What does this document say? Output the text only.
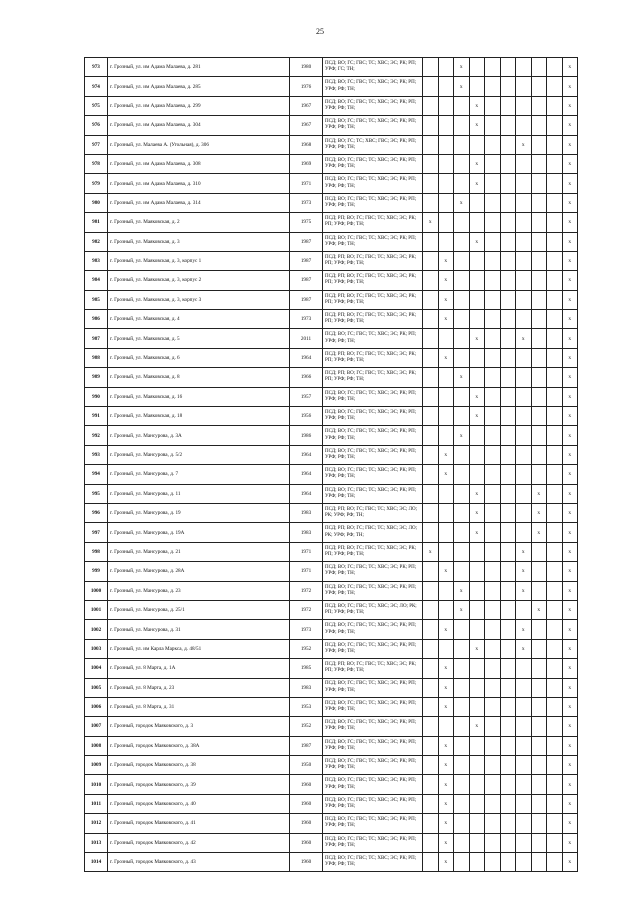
25
973	г. Грозный, ул. им Адама Малаева, д. 281	1980	ПСД; ВО; ГС; ГВС; ТС; ХВС; ЭС; РК; РП; УРФ; ГС; ТН;			x							x
974	г. Грозный, ул. им Адама Малаева, д. 285	1976	ПСД; ВО; ГС; ГВС; ТС; ХВС; ЭС; РК; РП; УРФ; РФ; ТН;			x							x
975	г. Грозный, ул. им Адама Малаева, д. 299	1967	ПСД; ВО; ГС; ГВС; ТС; ХВС; ЭС; РК; РП; УРФ; РФ; ТН;				x						x
976	г. Грозный, ул. им Адама Малаева, д. 304	1967	ПСД; ВО; ГС; ГВС; ТС; ХВС; ЭС; РК; РП; УРФ; РФ; ТН;				x						x
977	г. Грозный, ул. Малаева А. (Угольная), д. 306	1968	ПСД; ВО; ГС; ТС; ХВС; ГВС; ЭС; РК; РП; УРФ; РФ; ТН;							x			x
978	г. Грозный, ул. им Адама Малаева, д. 308	1969	ПСД; ВО; ГС; ГВС; ТС; ХВС; ЭС; РК; РП; УРФ; РФ; ТН;				x						x
979	г. Грозный, ул. им Адама Малаева, д. 310	1971	ПСД; ВО; ГС; ГВС; ТС; ХВС; ЭС; РК; РП; УРФ; РФ; ТН;				x						x
980	г. Грозный, ул. им Адама Малаева, д. 314	1973	ПСД; ВО; ГС; ГВС; ТС; ХВС; ЭС; РК; РП; УРФ; РФ; ТН;			x							x
981	г. Грозный, ул. Маяковская, д. 2	1975	ПСД; РП; ВО; ГС; ГВС; ТС; ХВС; ЭС; РК; РП; УРФ; РФ; ТН;	x									x
982	г. Грозный, ул. Маяковская, д. 3	1987	ПСД; ВО; ГС; ГВС; ТС; ХВС; ЭС; РК; РП; УРФ; РФ; ТН;				x						x
983	г. Грозный, ул. Маяковская, д. 3, корпус 1	1987	ПСД; РП; ВО; ГС; ГВС; ТС; ХВС; ЭС; РК; РП; УРФ; РФ; ТН;		x								x
984	г. Грозный, ул. Маяковская, д. 3, корпус 2	1987	ПСД; РП; ВО; ГС; ГВС; ТС; ХВС; ЭС; РК; РП; УРФ; РФ; ТН;		x								x
985	г. Грозный, ул. Маяковская, д. 3, корпус 3	1987	ПСД; РП; ВО; ГС; ГВС; ТС; ХВС; ЭС; РК; РП; УРФ; РФ; ТН;		x								x
986	г. Грозный, ул. Маяковская, д. 4	1973	ПСД; РП; ВО; ГС; ГВС; ТС; ХВС; ЭС; РК; РП; УРФ; РФ; ТН;		x								x
987	г. Грозный, ул. Маяковская, д. 5	2011	ПСД; ВО; ГС; ГВС; ТС; ХВС; ЭС; РК; РП; УРФ; РФ; ТН;				x			x			x
988	г. Грозный, ул. Маяковская, д. 6	1964	ПСД; РП; ВО; ГС; ГВС; ТС; ХВС; ЭС; РК; РП; УРФ; РФ; ТН;		x								x
989	г. Грозный, ул. Маяковская, д. 8	1966	ПСД; РП; ВО; ГС; ГВС; ТС; ХВС; ЭС; РК; РП; УРФ; РФ; ТН;			x							x
990	г. Грозный, ул. Маяковская, д. 16	1957	ПСД; ВО; ГС; ГВС; ТС; ХВС; ЭС; РК; РП; УРФ; РФ; ТН;				x						x
991	г. Грозный, ул. Маяковская, д. 18	1956	ПСД; ВО; ГС; ГВС; ТС; ХВС; ЭС; РК; РП; УРФ; РФ; ТН;				x						x
992	г. Грозный, ул. Мансурова, д. 3А	1986	ПСД; ВО; ГС; ГВС; ТС; ХВС; ЭС; РК; РП; УРФ; РФ; ТН;			x							x
993	г. Грозный, ул. Мансурова, д. 5/2	1964	ПСД; ВО; ГС; ГВС; ТС; ХВС; ЭС; РК; РП; УРФ; РФ; ТН;		x								x
994	г. Грозный, ул. Мансурова, д. 7	1964	ПСД; ВО; ГС; ГВС; ТС; ХВС; ЭС; РК; РП; УРФ; РФ; ТН;		x								x
995	г. Грозный, ул. Мансурова, д. 11	1964	ПСД; ВО; ГС; ГВС; ТС; ХВС; ЭС; РК; РП; УРФ; РФ; ТН;				x				x		x
996	г. Грозный, ул. Мансурова, д. 19	1983	ПСД; РП; ВО; ГС; ГВС; ТС; ХВС; ЭС; ЛО; РК; УРФ; РФ; ТН;				x				x		x
997	г. Грозный, ул. Мансурова, д. 19А	1983	ПСД; РП; ВО; ГС; ГВС; ТС; ХВС; ЭС; ЛО; РК; УРФ; РФ; ТН;				x				x		x
998	г. Грозный, ул. Мансурова, д. 21	1971	ПСД; РП; ВО; ГС; ГВС; ТС; ХВС; ЭС; РК; РП; УРФ; РФ; ТН;	x						x			x
999	г. Грозный, ул. Мансурова, д. 28А	1971	ПСД; ВО; ГС; ГВС; ТС; ХВС; ЭС; РК; РП; УРФ; РФ; ТН;		x					x			x
1000	г. Грозный, ул. Мансурова, д. 23	1972	ПСД; ВО; ГС; ГВС; ТС; ХВС; ЭС; РК; РП; УРФ; РФ; ТН;			x				x			x
1001	г. Грозный, ул. Мансурова, д. 25/1	1972	ПСД; ВО; ГС; ГВС; ТС; ХВС; ЭС; ЛО; РК; РП; УРФ; РФ; ТН;			x					x		x
1002	г. Грозный, ул. Мансурова, д. 31	1973	ПСД; ВО; ГС; ГВС; ТС; ХВС; ЭС; РК; РП; УРФ; РФ; ТН;		x					x			x
1003	г. Грозный, ул. им Карла Маркса, д. 48/51	1952	ПСД; ВО; ГС; ГВС; ТС; ХВС; ЭС; РК; РП; УРФ; РФ; ТН;				x			x			x
1004	г. Грозный, ул. 8 Марта, д. 1А	1985	ПСД; РП; ВО; ГС; ГВС; ТС; ХВС; ЭС; РК; РП; УРФ; РФ; ТН;		x								x
1005	г. Грозный, ул. 8 Марта, д. 23	1983	ПСД; ВО; ГС; ГВС; ТС; ХВС; ЭС; РК; РП; УРФ; РФ; ТН;		x								x
1006	г. Грозный, ул. 8 Марта, д. 31	1953	ПСД; ВО; ГС; ГВС; ТС; ХВС; ЭС; РК; РП; УРФ; РФ; ТН;		x								x
1007	г. Грозный, городок Маяковского, д. 3	1952	ПСД; ВО; ГС; ГВС; ТС; ХВС; ЭС; РК; РП; УРФ; РФ; ТН;				x						x
1008	г. Грозный, городок Маяковского, д. 38А	1987	ПСД; ВО; ГС; ГВС; ТС; ХВС; ЭС; РК; РП; УРФ; РФ; ТН;		x								x
1009	г. Грозный, городок Маяковского, д. 38	1950	ПСД; ВО; ГС; ГВС; ТС; ХВС; ЭС; РК; РП; УРФ; РФ; ТН;		x								x
1010	г. Грозный, городок Маяковского, д. 39	1960	ПСД; ВО; ГС; ГВС; ТС; ХВС; ЭС; РК; РП; УРФ; РФ; ТН;		x								x
1011	г. Грозный, городок Маяковского, д. 40	1960	ПСД; ВО; ГС; ГВС; ТС; ХВС; ЭС; РК; РП; УРФ; РФ; ТН;		x								x
1012	г. Грозный, городок Маяковского, д. 41	1960	ПСД; ВО; ГС; ГВС; ТС; ХВС; ЭС; РК; РП; УРФ; РФ; ТН;		x								x
1013	г. Грозный, городок Маяковского, д. 42	1960	ПСД; ВО; ГС; ГВС; ТС; ХВС; ЭС; РК; РП; УРФ; РФ; ТН;		x								x
1014	г. Грозный, городок Маяковского, д. 43	1960	ПСД; ВО; ГС; ГВС; ТС; ХВС; ЭС; РК; РП; УРФ; РФ; ТН;		x								x
